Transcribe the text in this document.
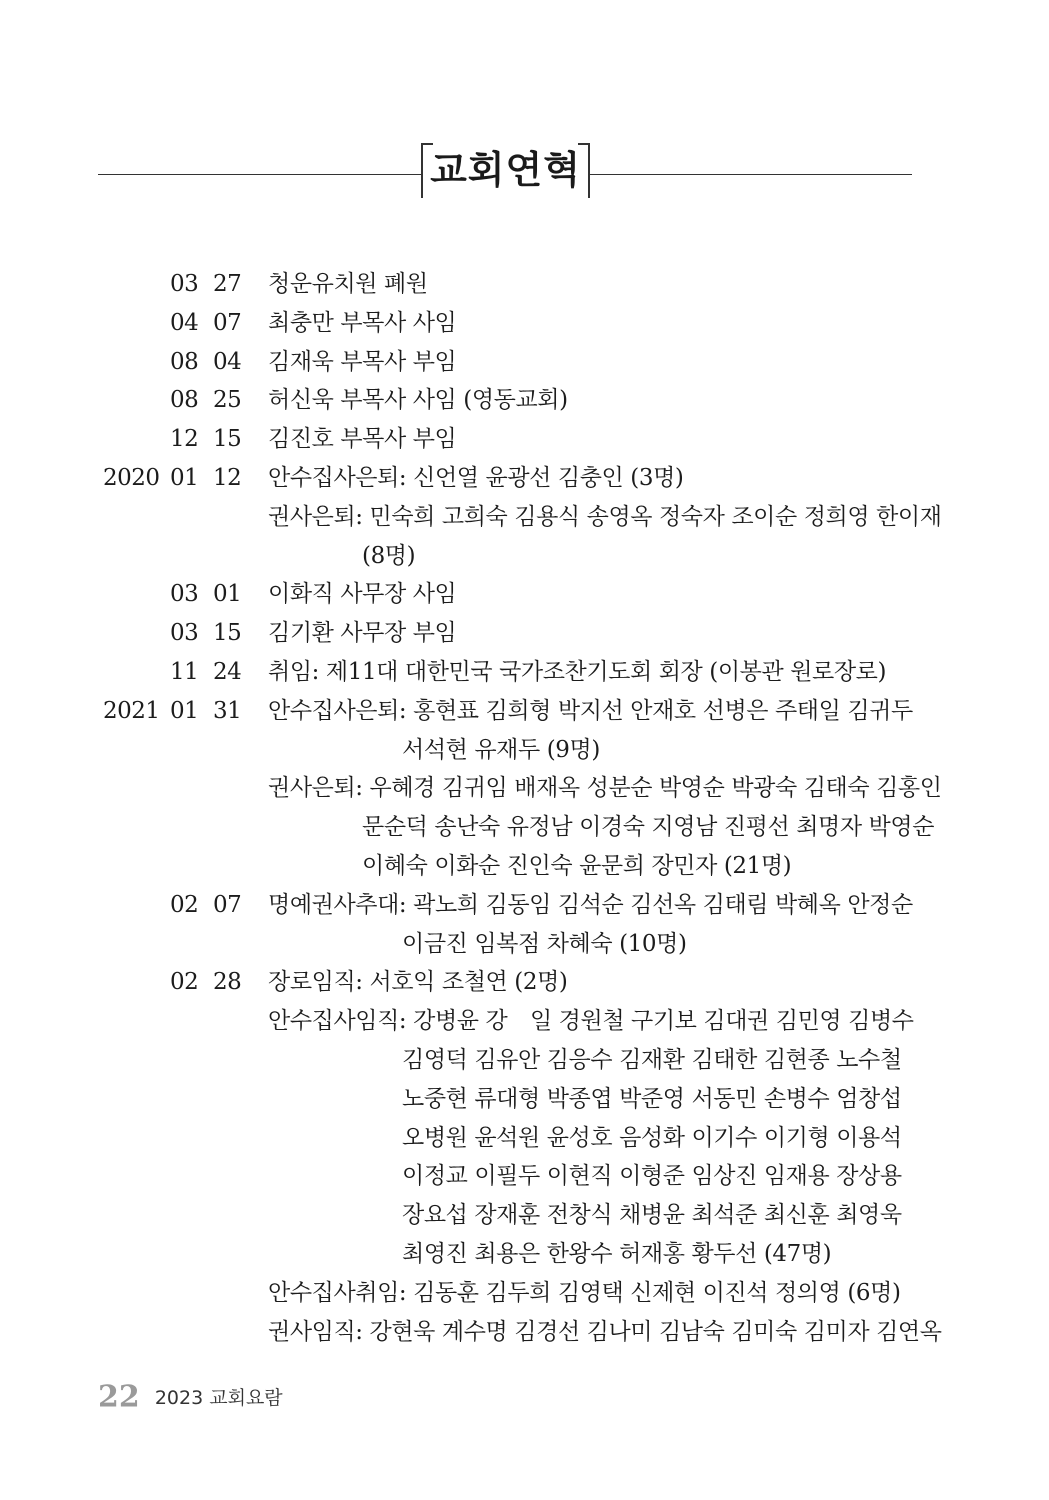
교회연혁
03 27 청운유치원 폐원
04 07 최충만 부목사 사임
08 04 김재욱 부목사 부임
08 25 허신욱 부목사 사임 (영동교회)
12 15 김진호 부목사 부임
2020 01 12 안수집사은퇴: 신언열 윤광선 김충인 (3명)
권사은퇴: 민숙희 고희숙 김용식 송영옥 정숙자 조이순 정희영 한이재
(8명)
03 01 이화직 사무장 사임
03 15 김기환 사무장 부임
11 24 취임: 제11대 대한민국 국가조찬기도회 회장 (이봉관 원로장로)
2021 01 31 안수집사은퇴: 홍현표 김희형 박지선 안재호 선병은 주태일 김귀두
서석현 유재두 (9명)
권사은퇴: 우혜경 김귀임 배재옥 성분순 박영순 박광숙 김태숙 김홍인
문순덕 송난숙 유정남 이경숙 지영남 진평선 최명자 박영순
이혜숙 이화순 진인숙 윤문희 장민자 (21명)
02 07 명예권사추대: 곽노희 김동임 김석순 김선옥 김태림 박혜옥 안정순
이금진 임복점 차혜숙 (10명)
02 28 장로임직: 서호익 조철연 (2명)
안수집사임직: 강병윤 강　일 경원철 구기보 김대권 김민영 김병수
김영덕 김유안 김응수 김재환 김태한 김현종 노수철
노중현 류대형 박종엽 박준영 서동민 손병수 엄창섭
오병원 윤석원 윤성호 음성화 이기수 이기형 이용석
이정교 이필두 이현직 이형준 임상진 임재용 장상용
장요섭 장재훈 전창식 채병윤 최석준 최신훈 최영욱
최영진 최용은 한왕수 허재홍 황두선 (47명)
안수집사취임: 김동훈 김두희 김영택 신제현 이진석 정의영 (6명)
권사임직: 강현욱 계수명 김경선 김나미 김남숙 김미숙 김미자 김연옥
22 2023 교회요람
